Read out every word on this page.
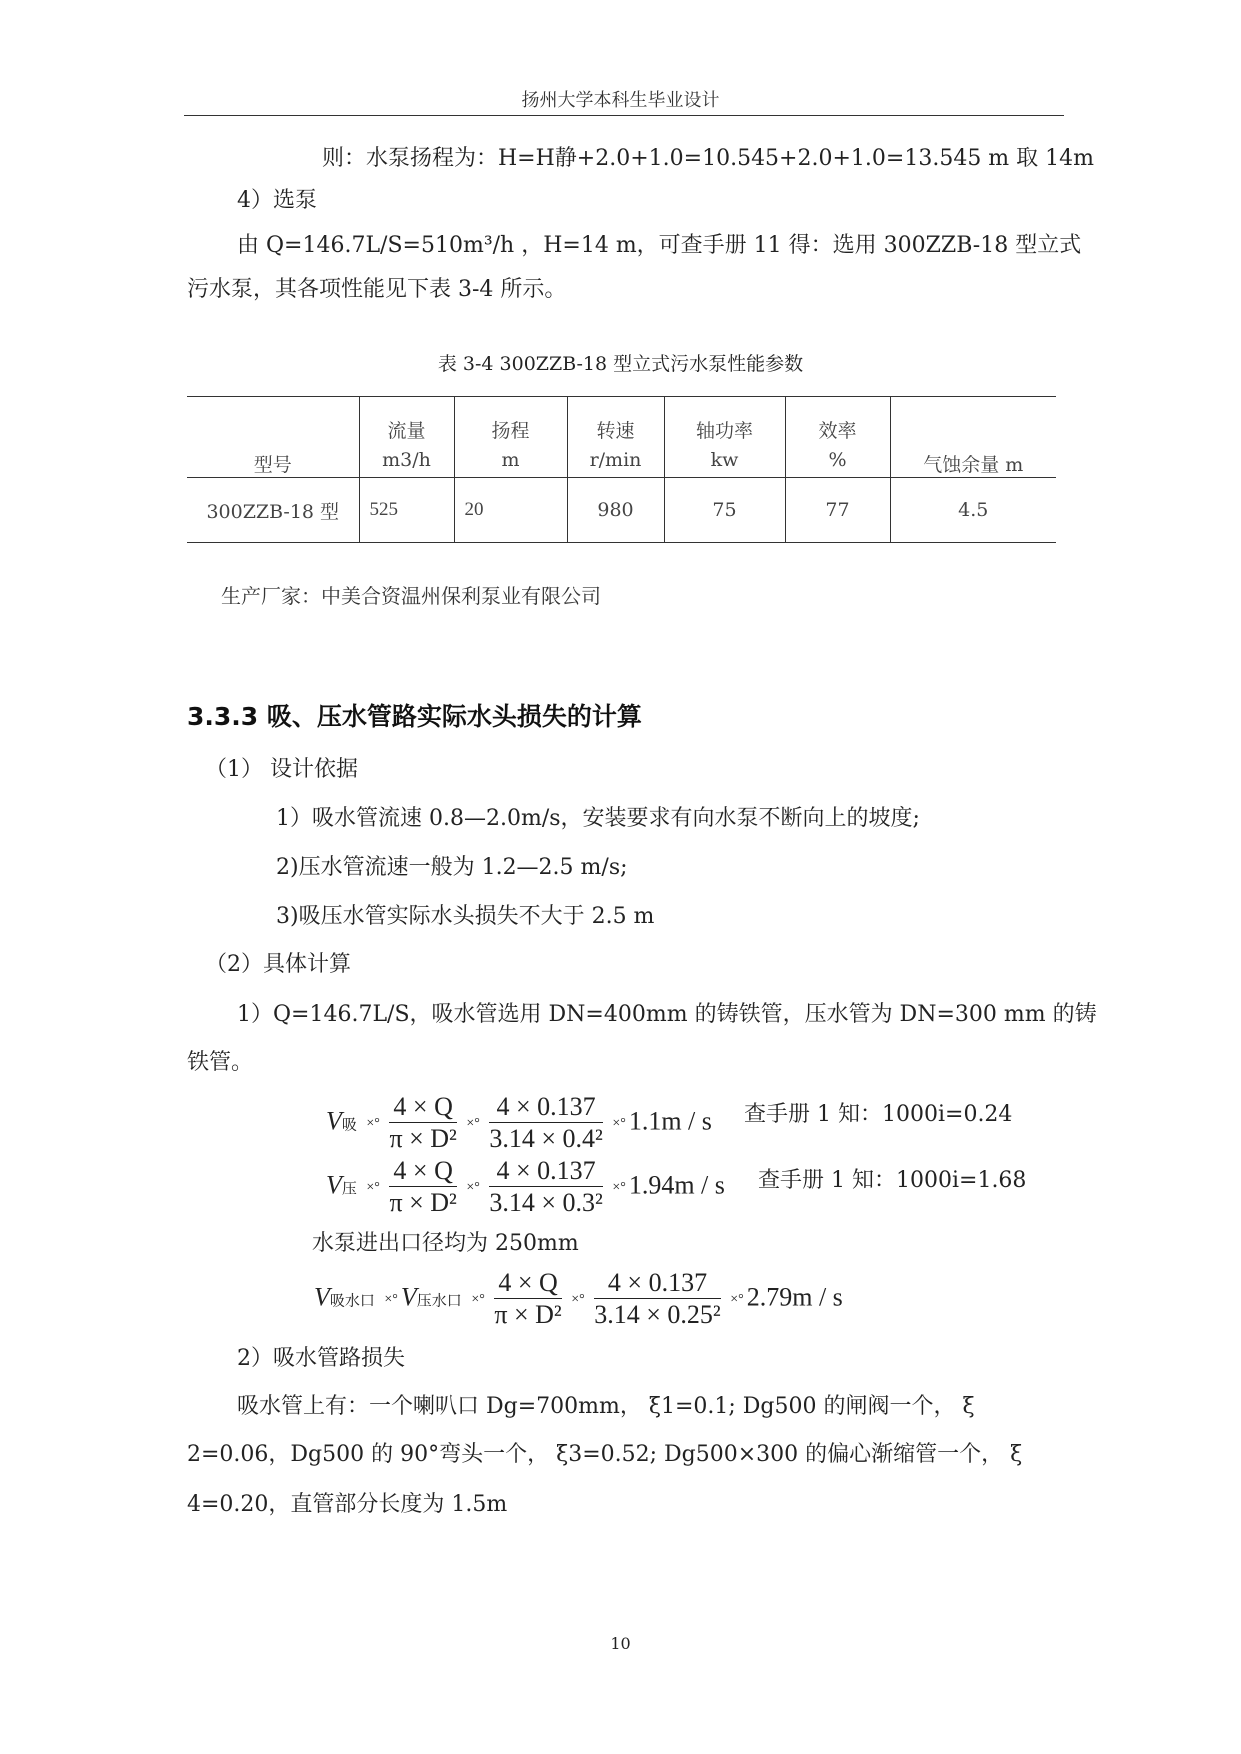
扬州大学本科生毕业设计
则：水泵扬程为：H=H静+2.0+1.0=10.545+2.0+1.0=13.545 m 取 14m
4）选泵
由 Q=146.7L/S=510m³/h ，H=14 m，可查手册 11 得：选用 300ZZB-18 型立式
污水泵，其各项性能见下表 3-4 所示。
表 3-4 300ZZB-18 型立式污水泵性能参数
型号	流量	扬程	转速	轴功率	效率	气蚀余量 m
	m3/h	m	r/min	kw	%	
300ZZB-18 型	525	20	980	75	77	4.5
生产厂家：中美合资温州保利泵业有限公司
3.3.3 吸、压水管路实际水头损失的计算
（1） 设计依据
1）吸水管流速 0.8—2.0m/s，安装要求有向水泵不断向上的坡度;
2)压水管流速一般为 1.2—2.5 m/s;
3)吸压水管实际水头损失不大于 2.5 m
（2）具体计算
1）Q=146.7L/S，吸水管选用 DN=400mm 的铸铁管，压水管为 DN=300 mm 的铸
铁管。
V吸 ×° $\frac{4 \times Q}{\text{π × D²}}$ ×° $\frac{4 \times 0.137}{\text{3.14 × 0.4²}}$ ×° 1.1m / s 查手册 1 知：1000i=0.24
V压 ×° $\frac{4 \times Q}{\text{π × D²}}$ ×° $\frac{4 \times 0.137}{\text{3.14 × 0.3²}}$ ×° 1.94m / s 查手册 1 知：1000i=1.68
水泵进出口径均为 250mm
V吸水口 ×° V压水口 ×° $\frac{4 \times Q}{\text{π × D²}}$ ×° $\frac{4 \times 0.137}{\text{3.14 × 0.25²}}$ ×° 2.79m / s
2）吸水管路损失
吸水管上有：一个喇叭口 Dg=700mm， ξ1=0.1; Dg500 的闸阀一个， ξ
2=0.06，Dg500 的 90°弯头一个， ξ3=0.52; Dg500×300 的偏心渐缩管一个， ξ
4=0.20，直管部分长度为 1.5m
10
